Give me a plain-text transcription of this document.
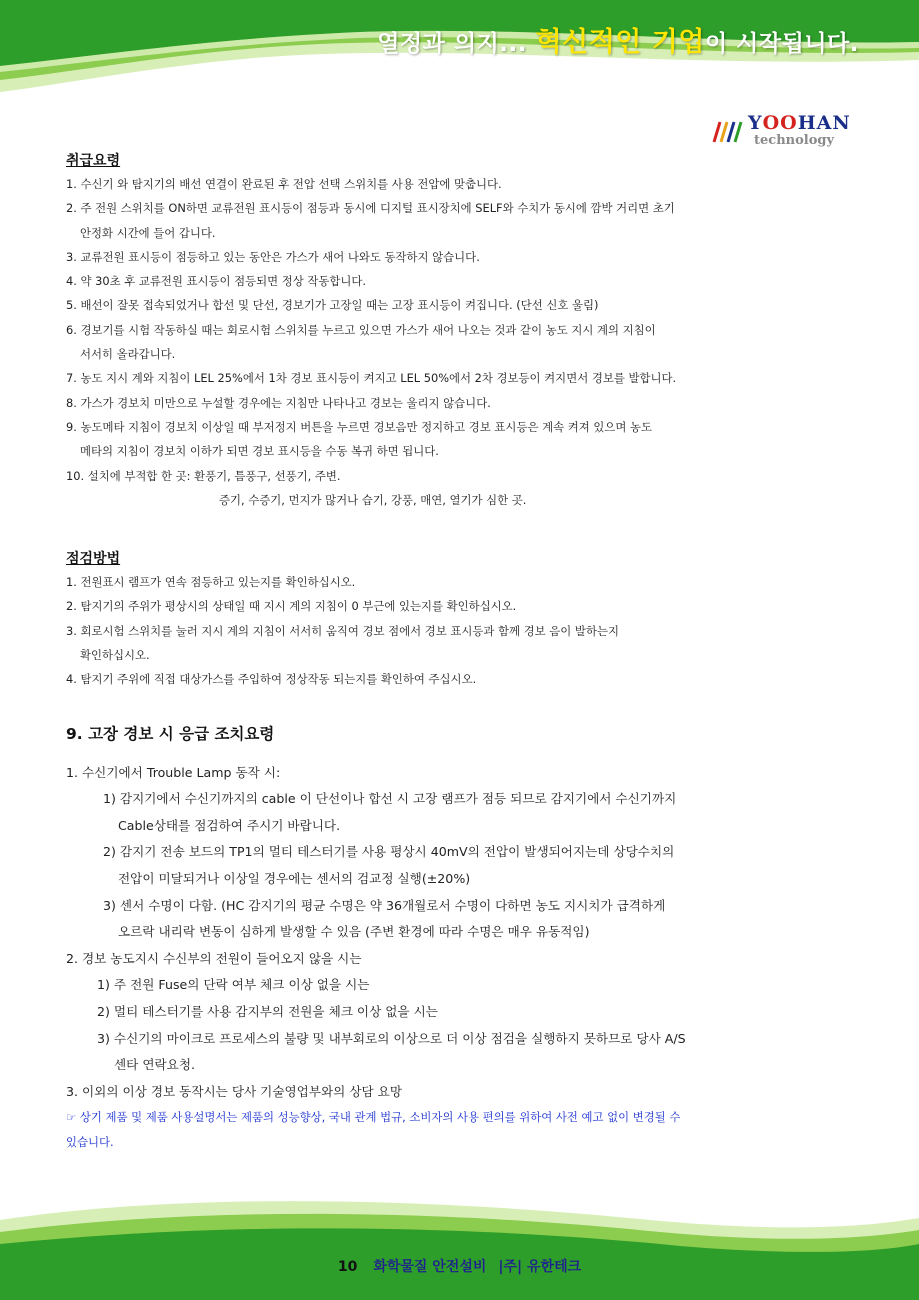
열정과 의지... 혁신적인 기업이 시작됩니다.
YOOHAN
technology

취급요령

1. 수신기 와 탐지기의 배선 연결이 완료된 후 전압 선택 스위치를 사용 전압에 맞춥니다.

2. 주 전원 스위치를 ON하면 교류전원 표시등이 점등과 동시에 디지털 표시장치에 SELF와 수치가 동시에 깜박 거리면 초기

안정화 시간에 들어 갑니다.

3. 교류전원 표시등이 점등하고 있는 동안은 가스가 새어 나와도 동작하지 않습니다.

4. 약 30초 후 교류전원 표시등이 점등되면 정상 작동합니다.

5. 배선이 잘못 접속되었거나 합선 및 단선, 경보기가 고장일 때는 고장 표시등이 켜집니다. (단선 신호 울림)

6. 경보기를 시험 작동하실 때는 회로시험 스위치를 누르고 있으면 가스가 새어 나오는 것과 같이 농도 지시 계의 지침이

서서히 올라갑니다.

7. 농도 지시 계와 지침이 LEL 25%에서 1차 경보 표시등이 켜지고 LEL 50%에서 2차 경보등이 켜지면서 경보를 발합니다.

8. 가스가 경보치 미만으로 누설할 경우에는 지침만 나타나고 경보는 울리지 않습니다.

9. 농도메타 지침이 경보치 이상일 때 부저정지 버튼을 누르면 경보음만 정지하고 경보 표시등은 계속 켜져 있으며 농도

메타의 지침이 경보치 이하가 되면 경보 표시등을 수동 복귀 하면 됩니다.

10. 설치에 부적합 한 곳: 환풍기, 틈풍구, 선풍기, 주변.

증기, 수증기, 먼지가 많거나 습기, 강풍, 매연, 열기가 심한 곳.

점검방법

1. 전원표시 램프가 연속 점등하고 있는지를 확인하십시오.

2. 탐지기의 주위가 평상시의 상태일 때 지시 계의 지침이 0 부근에 있는지를 확인하십시오.

3. 회로시험 스위치를 눌러 지시 계의 지침이 서서히 움직여 경보 점에서 경보 표시등과 함께 경보 음이 발하는지

확인하십시오.

4. 탐지기 주위에 직접 대상가스를 주입하여 정상작동 되는지를 확인하여 주십시오.

9. 고장 경보 시 응급 조치요령

1. 수신기에서 Trouble Lamp 동작 시:

1) 감지기에서 수신기까지의 cable 이 단선이나 합선 시 고장 램프가 점등 되므로 감지기에서 수신기까지

Cable상태를 점검하여 주시기 바랍니다.

2) 감지기 전송 보드의 TP1의 멀티 테스터기를 사용 평상시 40mV의 전압이 발생되어지는데 상당수치의

전압이 미달되거나 이상일 경우에는 센서의 검교정 실행(±20%)

3) 센서 수명이 다함. (HC 감지기의 평균 수명은 약 36개월로서 수명이 다하면 농도 지시치가 급격하게

오르락 내리락 변동이 심하게 발생할 수 있음 (주변 환경에 따라 수명은 매우 유동적임)

2. 경보 농도지시 수신부의 전원이 들어오지 않을 시는

1) 주 전원 Fuse의 단락 여부 체크 이상 없을 시는

2) 멀티 테스터기를 사용 감지부의 전원을 체크 이상 없을 시는

3) 수신기의 마이크로 프로세스의 불량 및 내부회로의 이상으로 더 이상 점검을 실행하지 못하므로 당사 A/S

센타 연락요청.

3. 이외의 이상 경보 동작시는 당사 기술영업부와의 상담 요망

☞ 상기 제품 및 제품 사용설명서는 제품의 성능향상, 국내 관계 법규, 소비자의 사용 편의를 위하여 사전 예고 없이 변경될 수

있습니다.

10 화학물질 안전설비 |주| 유한테크
